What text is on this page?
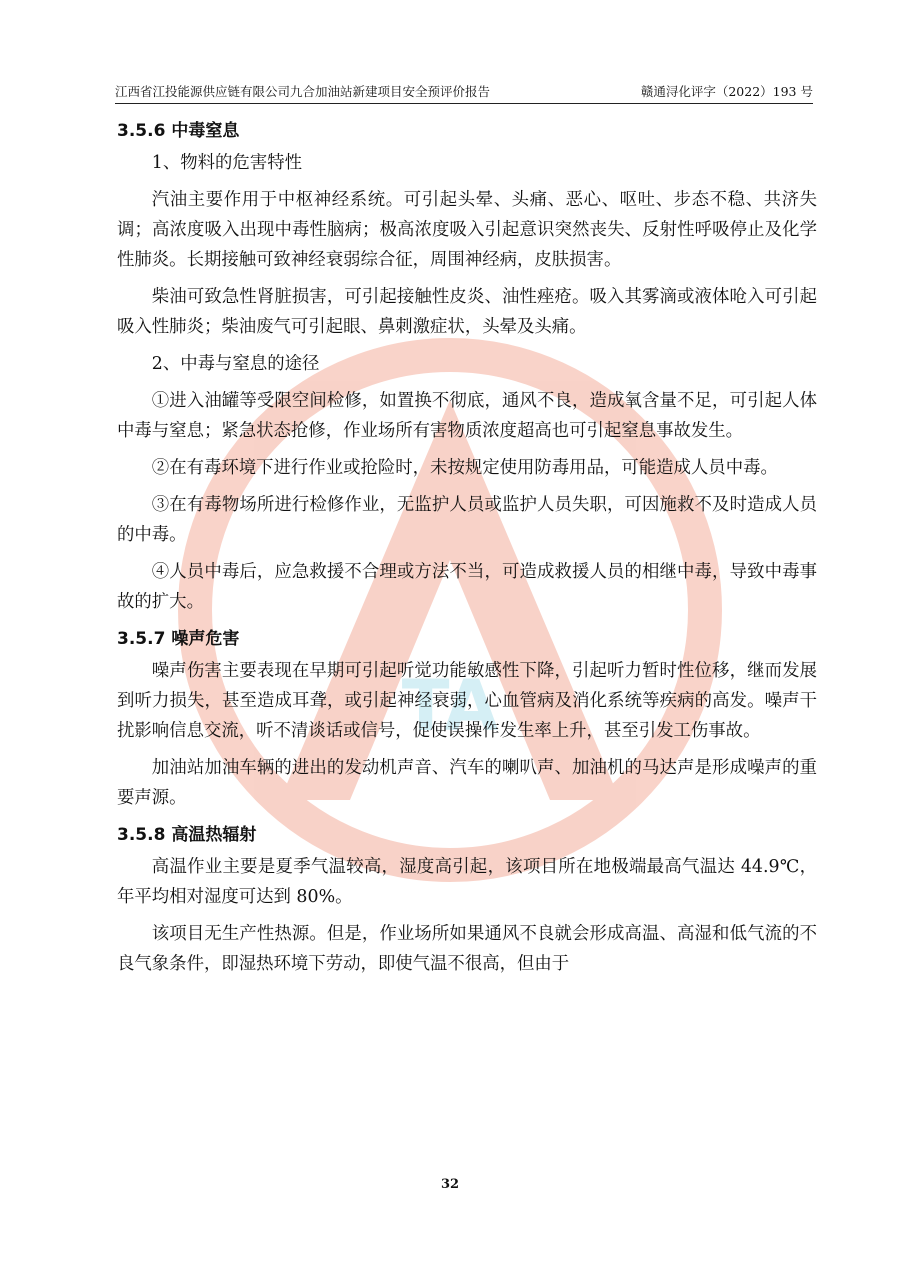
TA
江西省江投能源供应链有限公司九合加油站新建项目安全预评价报告	赣通浔化评字（2022）193 号
3.5.6 中毒窒息
1、物料的危害特性
汽油主要作用于中枢神经系统。可引起头晕、头痛、恶心、呕吐、步态不稳、共济失调；高浓度吸入出现中毒性脑病；极高浓度吸入引起意识突然丧失、反射性呼吸停止及化学性肺炎。长期接触可致神经衰弱综合征，周围神经病，皮肤损害。
柴油可致急性肾脏损害，可引起接触性皮炎、油性痤疮。吸入其雾滴或液体呛入可引起吸入性肺炎；柴油废气可引起眼、鼻刺激症状，头晕及头痛。
2、中毒与窒息的途径
①进入油罐等受限空间检修，如置换不彻底，通风不良，造成氧含量不足，可引起人体中毒与窒息；紧急状态抢修，作业场所有害物质浓度超高也可引起窒息事故发生。
②在有毒环境下进行作业或抢险时，未按规定使用防毒用品，可能造成人员中毒。
③在有毒物场所进行检修作业，无监护人员或监护人员失职，可因施救不及时造成人员的中毒。
④人员中毒后，应急救援不合理或方法不当，可造成救援人员的相继中毒，导致中毒事故的扩大。
3.5.7 噪声危害
噪声伤害主要表现在早期可引起听觉功能敏感性下降，引起听力暂时性位移，继而发展到听力损失，甚至造成耳聋，或引起神经衰弱，心血管病及消化系统等疾病的高发。噪声干扰影响信息交流，听不清谈话或信号，促使误操作发生率上升，甚至引发工伤事故。
加油站加油车辆的进出的发动机声音、汽车的喇叭声、加油机的马达声是形成噪声的重要声源。
3.5.8 高温热辐射
高温作业主要是夏季气温较高，湿度高引起，该项目所在地极端最高气温达 44.9℃，年平均相对湿度可达到 80%。
该项目无生产性热源。但是，作业场所如果通风不良就会形成高温、高湿和低气流的不良气象条件，即湿热环境下劳动，即使气温不很高，但由于
32
